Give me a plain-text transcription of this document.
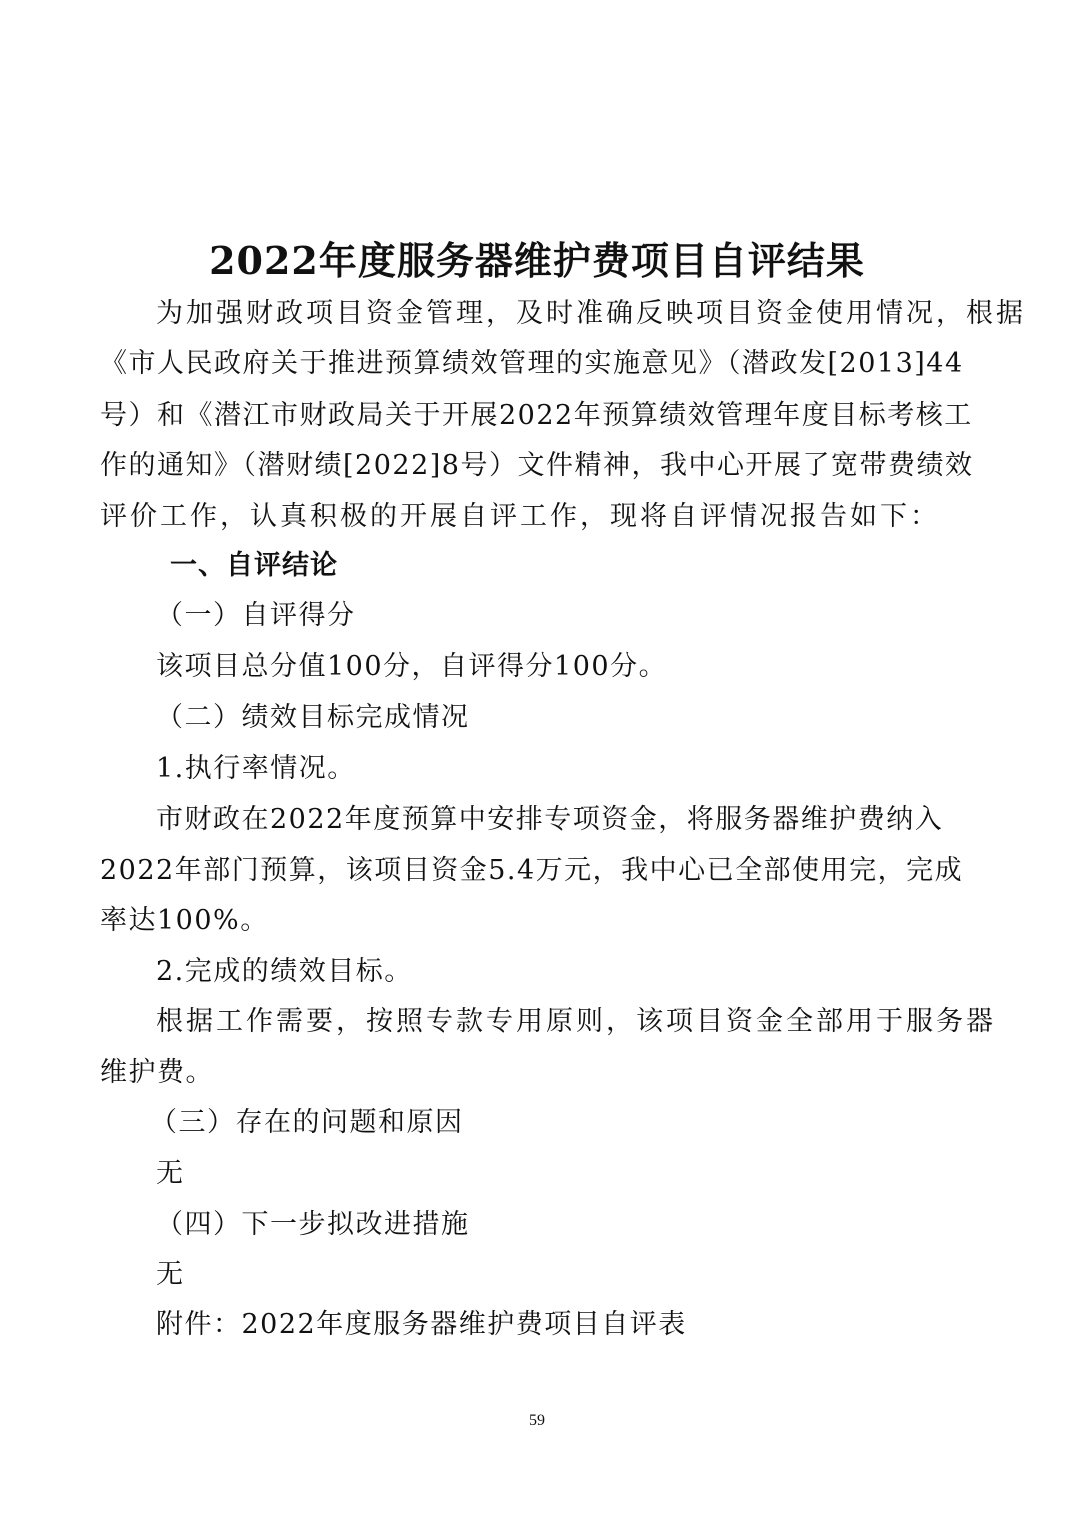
2022年度服务器维护费项目自评结果
为加强财政项目资金管理，及时准确反映项目资金使用情况，根据
《市人民政府关于推进预算绩效管理的实施意见》（潜政发[2013]44
号）和《潜江市财政局关于开展2022年预算绩效管理年度目标考核工
作的通知》（潜财绩[2022]8号）文件精神，我中心开展了宽带费绩效
评价工作，认真积极的开展自评工作，现将自评情况报告如下：
一、自评结论
（一）自评得分
该项目总分值100分，自评得分100分。
（二）绩效目标完成情况
1.执行率情况。
市财政在2022年度预算中安排专项资金，将服务器维护费纳入
2022年部门预算，该项目资金5.4万元，我中心已全部使用完，完成
率达100%。
2.完成的绩效目标。
根据工作需要，按照专款专用原则，该项目资金全部用于服务器
维护费。
（三）存在的问题和原因
无
（四）下一步拟改进措施
无
附件：2022年度服务器维护费项目自评表
59
